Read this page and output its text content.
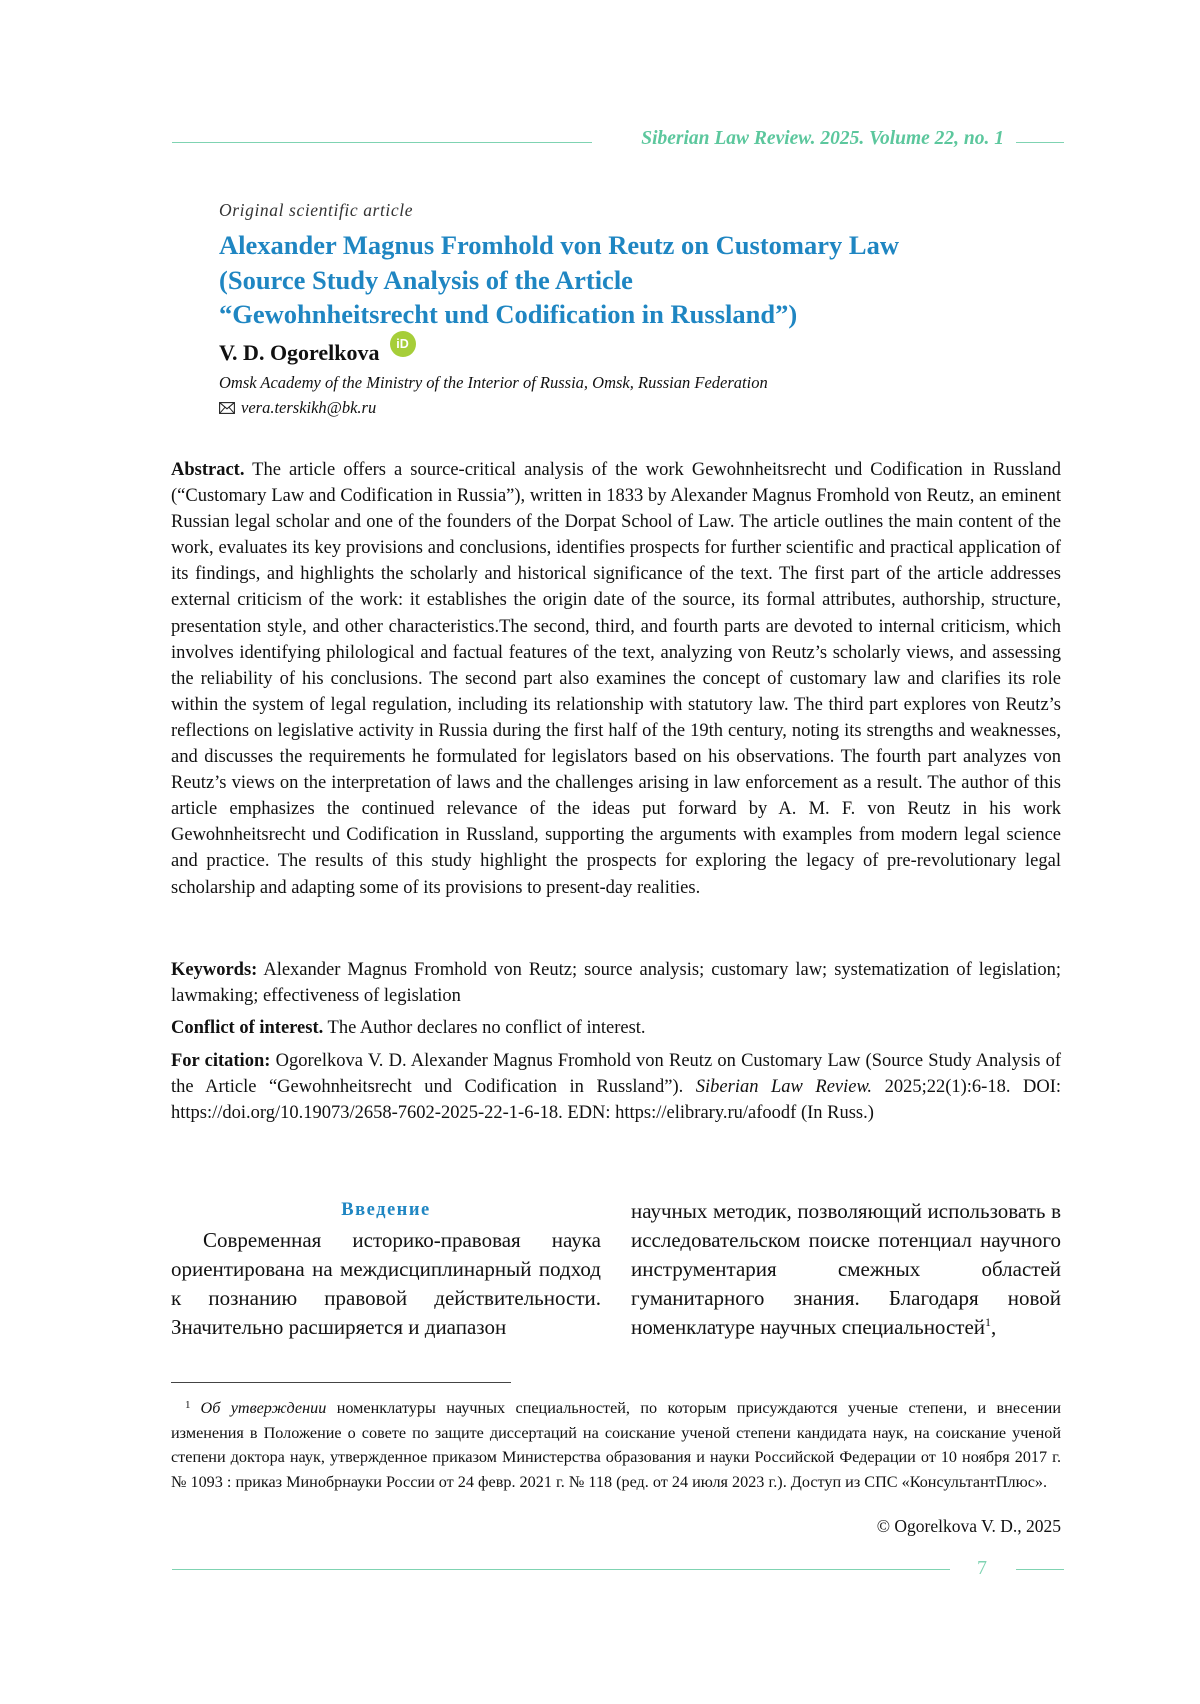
Siberian Law Review. 2025. Volume 22, no. 1
Original scientific article
Alexander Magnus Fromhold von Reutz on Customary Law
(Source Study Analysis of the Article
“Gewohnheitsrecht und Codification in Russland”)
V. D. Ogorelkova iD
Omsk Academy of the Ministry of the Interior of Russia, Omsk, Russian Federation
vera.terskikh@bk.ru
Abstract. The article offers a source-critical analysis of the work Gewohnheitsrecht und Codification in Russland (“Customary Law and Codification in Russia”), written in 1833 by Alexander Magnus Fromhold von Reutz, an eminent Russian legal scholar and one of the founders of the Dorpat School of Law. The article outlines the main content of the work, evaluates its key provisions and conclusions, identifies prospects for further scientific and practical application of its findings, and highlights the scholarly and historical significance of the text. The first part of the article addresses external criticism of the work: it establishes the origin date of the source, its formal attributes, authorship, structure, presentation style, and other characteristics.The second, third, and fourth parts are devoted to internal criticism, which involves identifying philological and factual features of the text, analyzing von Reutz’s scholarly views, and assessing the reliability of his conclusions. The second part also examines the concept of customary law and clarifies its role within the system of legal regulation, including its relationship with statutory law. The third part explores von Reutz’s reflections on legislative activity in Russia during the first half of the 19th century, noting its strengths and weaknesses, and discusses the requirements he formulated for legislators based on his observations. The fourth part analyzes von Reutz’s views on the interpretation of laws and the challenges arising in law enforcement as a result. The author of this article emphasizes the continued relevance of the ideas put forward by A. M. F. von Reutz in his work Gewohnheitsrecht und Codification in Russland, supporting the arguments with examples from modern legal science and practice. The results of this study highlight the prospects for exploring the legacy of pre-revolutionary legal scholarship and adapting some of its provisions to present-day realities.
Keywords: Alexander Magnus Fromhold von Reutz; source analysis; customary law; systematization of legislation; lawmaking; effectiveness of legislation
Conflict of interest. The Author declares no conflict of interest.
For citation: Ogorelkova V. D. Alexander Magnus Fromhold von Reutz on Customary Law (Source Study Analysis of the Article “Gewohnheitsrecht und Codification in Russland”). Siberian Law Review. 2025;22(1):6-18. DOI: https://doi.org/10.19073/2658-7602-2025-22-1-6-18. EDN: https://elibrary.ru/afoodf (In Russ.)
Введение

Современная историко-правовая наука ориентирована на междисциплинарный подход к познанию правовой действительности. Значительно расширяется и диапазон

научных методик, позволяющий использовать в исследовательском поиске потенциал научного инструментария смежных областей гуманитарного знания. Благодаря новой номенклатуре научных специальностей$^1$,

$^1$ Об утверждении номенклатуры научных специальностей, по которым присуждаются ученые степени, и внесении изменения в Положение о совете по защите диссертаций на соискание ученой степени кандидата наук, на соискание ученой степени доктора наук, утвержденное приказом Министерства образования и науки Российской Федерации от 10 ноября 2017 г. № 1093 : приказ Минобрнауки России от 24 февр. 2021 г. № 118 (ред. от 24 июля 2023 г.). Доступ из СПС «КонсультантПлюс».
© Ogorelkova V. D., 2025
7
